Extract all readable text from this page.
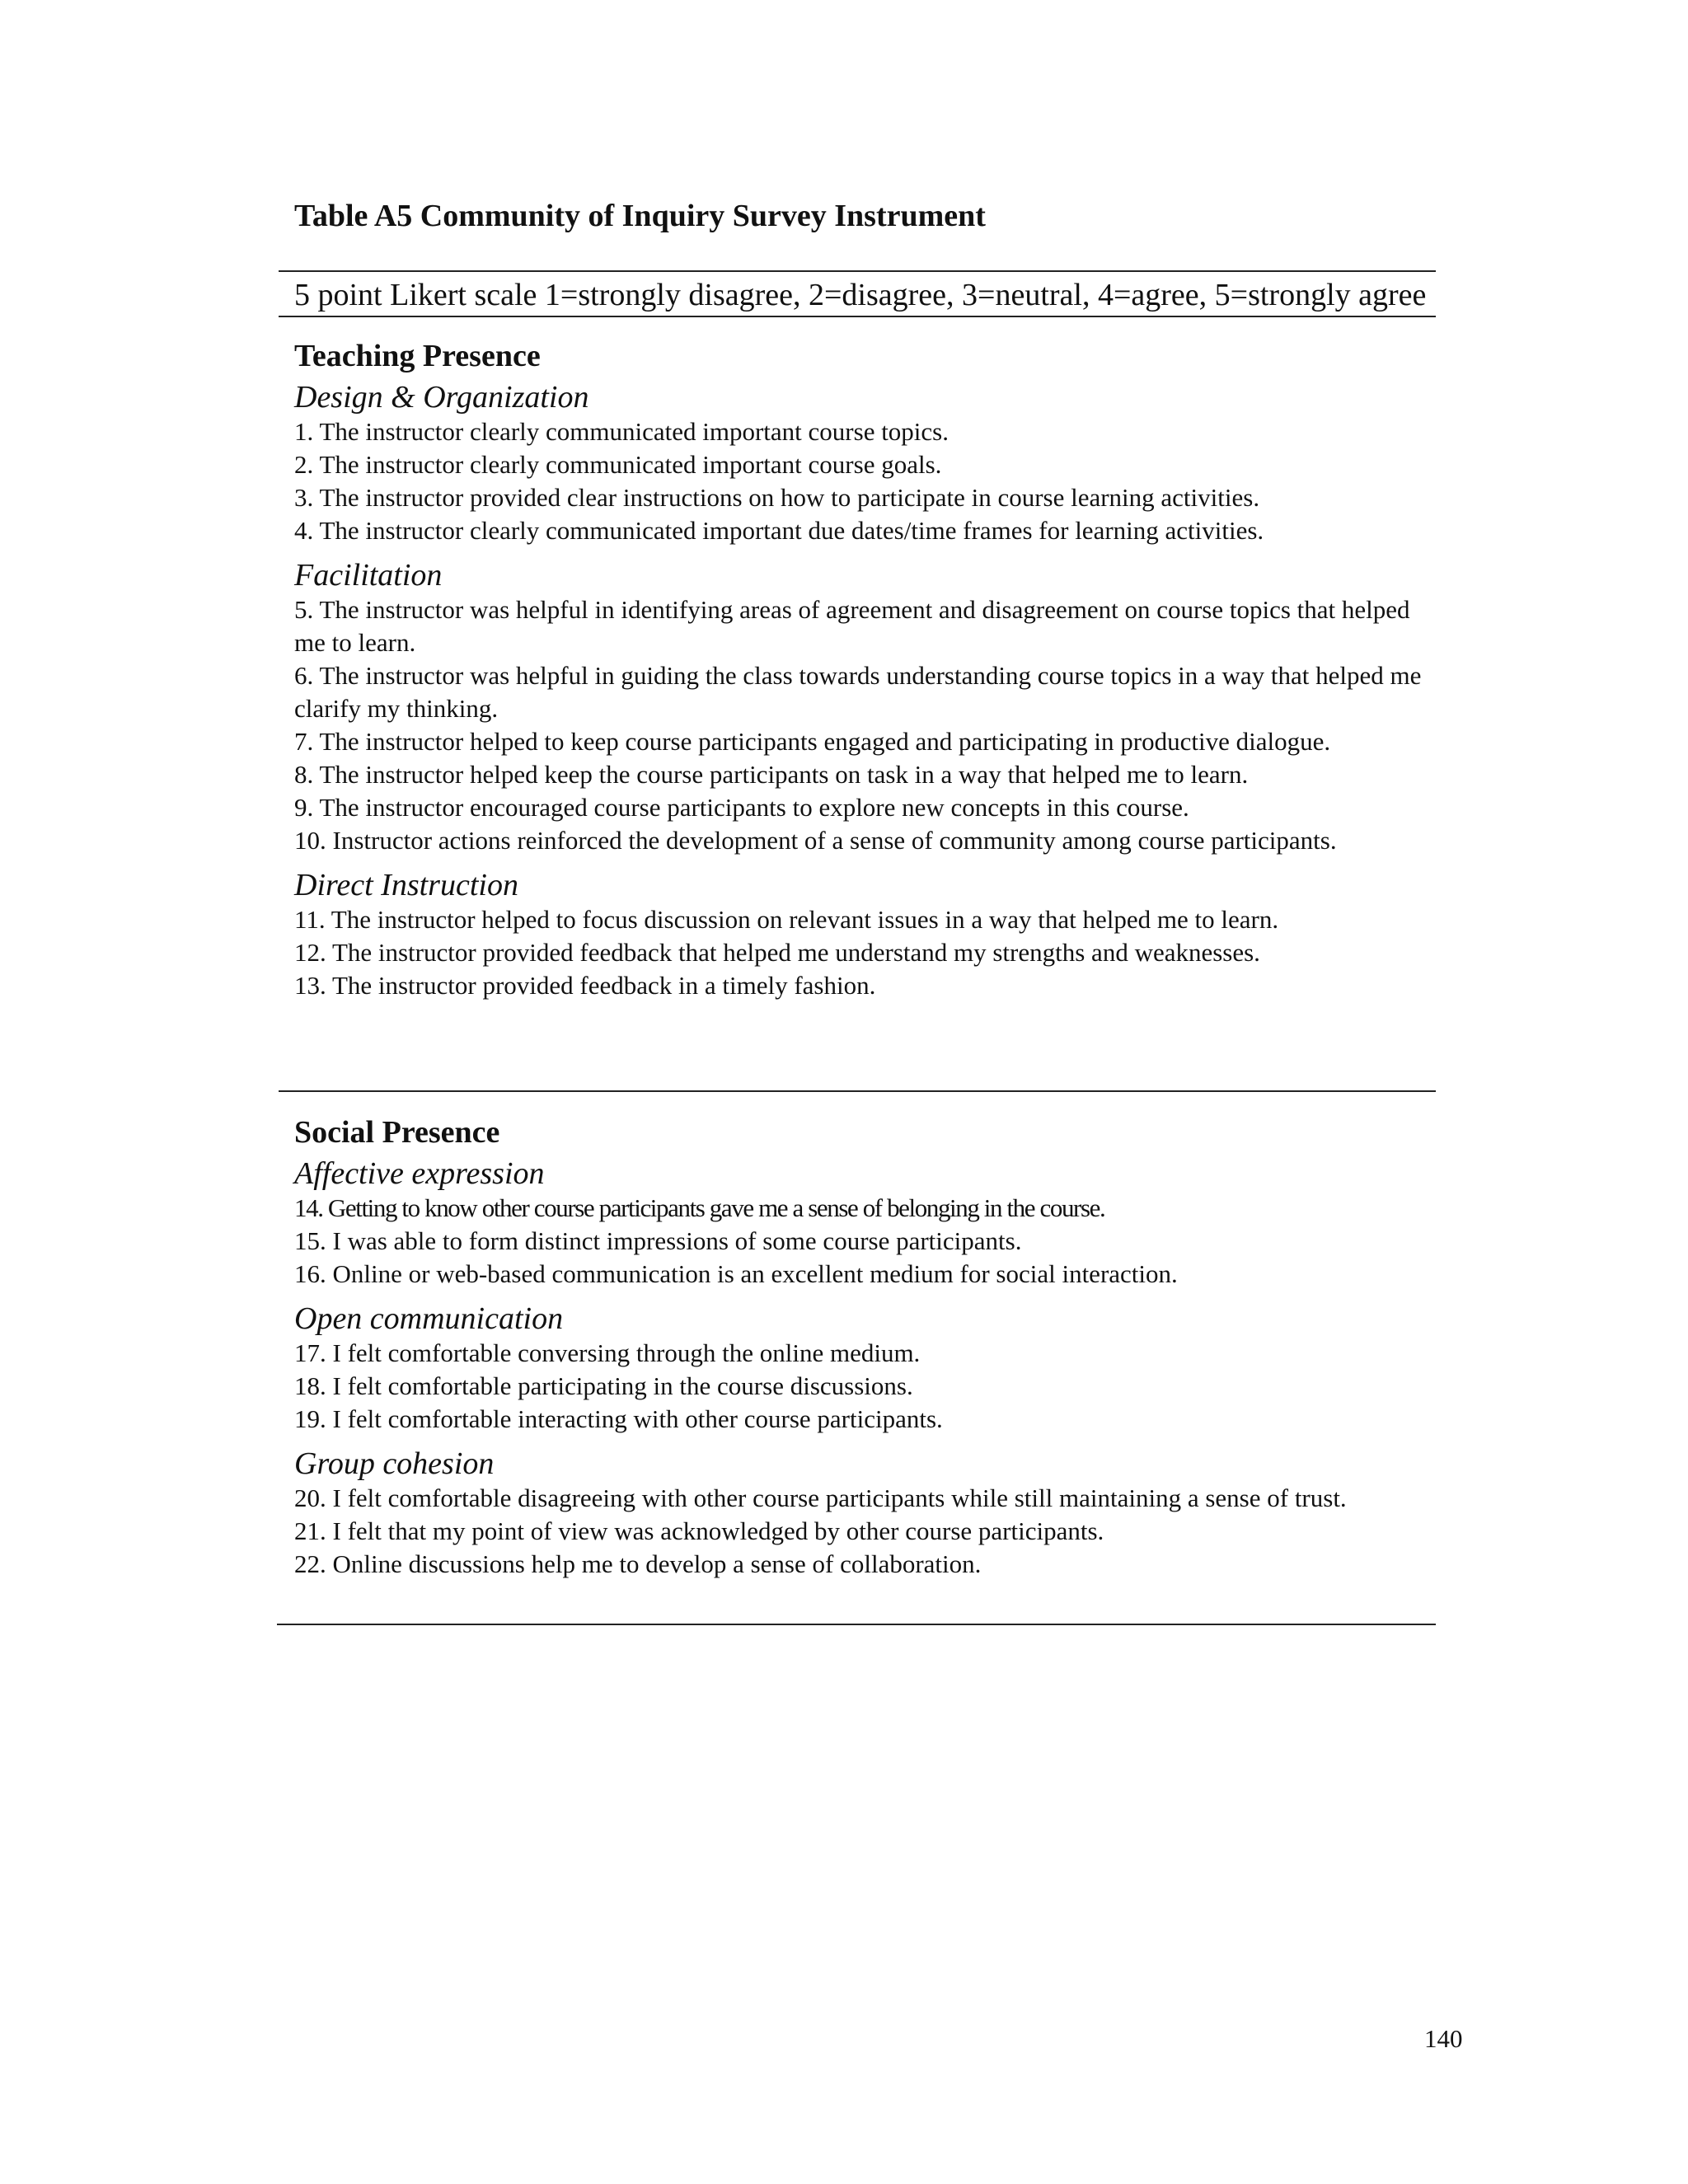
Table A5 Community of Inquiry Survey Instrument
5 point Likert scale 1=strongly disagree, 2=disagree, 3=neutral, 4=agree, 5=strongly agree

Teaching Presence

Design & Organization

1. The instructor clearly communicated important course topics.

2. The instructor clearly communicated important course goals.

3. The instructor provided clear instructions on how to participate in course learning activities.

4. The instructor clearly communicated important due dates/time frames for learning activities.

Facilitation

5. The instructor was helpful in identifying areas of agreement and disagreement on course topics that helped me to learn.

6. The instructor was helpful in guiding the class towards understanding course topics in a way that helped me clarify my thinking.

7. The instructor helped to keep course participants engaged and participating in productive dialogue.

8. The instructor helped keep the course participants on task in a way that helped me to learn.

9. The instructor encouraged course participants to explore new concepts in this course.

10. Instructor actions reinforced the development of a sense of community among course participants.

Direct Instruction

11. The instructor helped to focus discussion on relevant issues in a way that helped me to learn.

12. The instructor provided feedback that helped me understand my strengths and weaknesses.

13. The instructor provided feedback in a timely fashion.

Social Presence

Affective expression

14. Getting to know other course participants gave me a sense of belonging in the course.

15. I was able to form distinct impressions of some course participants.

16. Online or web-based communication is an excellent medium for social interaction.

Open communication

17. I felt comfortable conversing through the online medium.

18. I felt comfortable participating in the course discussions.

19. I felt comfortable interacting with other course participants.

Group cohesion

20. I felt comfortable disagreeing with other course participants while still maintaining a sense of trust.

21. I felt that my point of view was acknowledged by other course participants.

22. Online discussions help me to develop a sense of collaboration.

140
